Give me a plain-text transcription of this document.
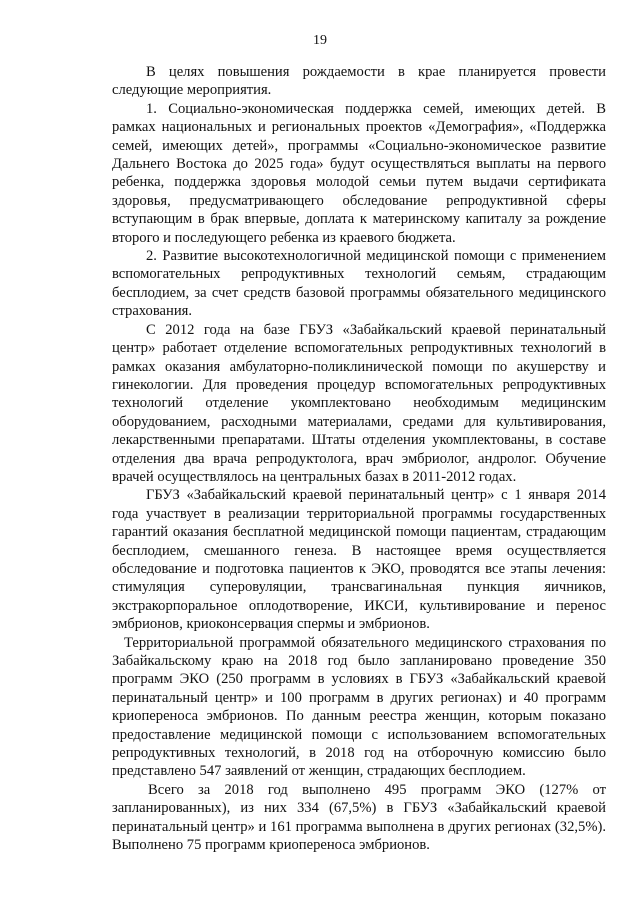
19

В целях повышения рождаемости в крае планируется провести следующие мероприятия.

1. Социально-экономическая поддержка семей, имеющих детей. В рамках национальных и региональных проектов «Демография», «Поддержка семей, имеющих детей», программы «Социально-экономическое развитие Дальнего Востока до 2025 года» будут осуществляться выплаты на первого ребенка, поддержка здоровья молодой семьи путем выдачи сертификата здоровья, предусматривающего обследование репродуктивной сферы вступающим в брак впервые, доплата к материнскому капиталу за рождение второго и последующего ребенка из краевого бюджета.

2. Развитие высокотехнологичной медицинской помощи с применением вспомогательных репродуктивных технологий семьям, страдающим бесплодием, за счет средств базовой программы обязательного медицинского страхования.

С 2012 года на базе ГБУЗ «Забайкальский краевой перинатальный центр» работает отделение вспомогательных репродуктивных технологий в рамках оказания амбулаторно-поликлинической помощи по акушерству и гинекологии. Для проведения процедур вспомогательных репродуктивных технологий отделение укомплектовано необходимым медицинским оборудованием, расходными материалами, средами для культивирования, лекарственными препаратами. Штаты отделения укомплектованы, в составе отделения два врача репродуктолога, врач эмбриолог, андролог. Обучение врачей осуществлялось на центральных базах в 2011-2012 годах.

ГБУЗ «Забайкальский краевой перинатальный центр» с 1 января 2014 года участвует в реализации территориальной программы государственных гарантий оказания бесплатной медицинской помощи пациентам, страдающим бесплодием, смешанного генеза. В настоящее время осуществляется обследование и подготовка пациентов к ЭКО, проводятся все этапы лечения: стимуляция суперовуляции, трансвагинальная пункция яичников, экстракорпоральное оплодотворение, ИКСИ, культивирование и перенос эмбрионов, криоконсервация спермы и эмбрионов.

Территориальной программой обязательного медицинского страхования по Забайкальскому краю на 2018 год было запланировано проведение 350 программ ЭКО (250 программ в условиях в ГБУЗ «Забайкальский краевой перинатальный центр» и 100 программ в других регионах) и 40 программ криопереноса эмбрионов. По данным реестра женщин, которым показано предоставление медицинской помощи с использованием вспомогательных репродуктивных технологий, в 2018 год на отборочную комиссию было представлено 547 заявлений от женщин, страдающих бесплодием.

Всего за 2018 год выполнено 495 программ ЭКО (127% от запланированных), из них 334 (67,5%) в ГБУЗ «Забайкальский краевой перинатальный центр» и 161 программа выполнена в других регионах (32,5%). Выполнено 75 программ криопереноса эмбрионов.
